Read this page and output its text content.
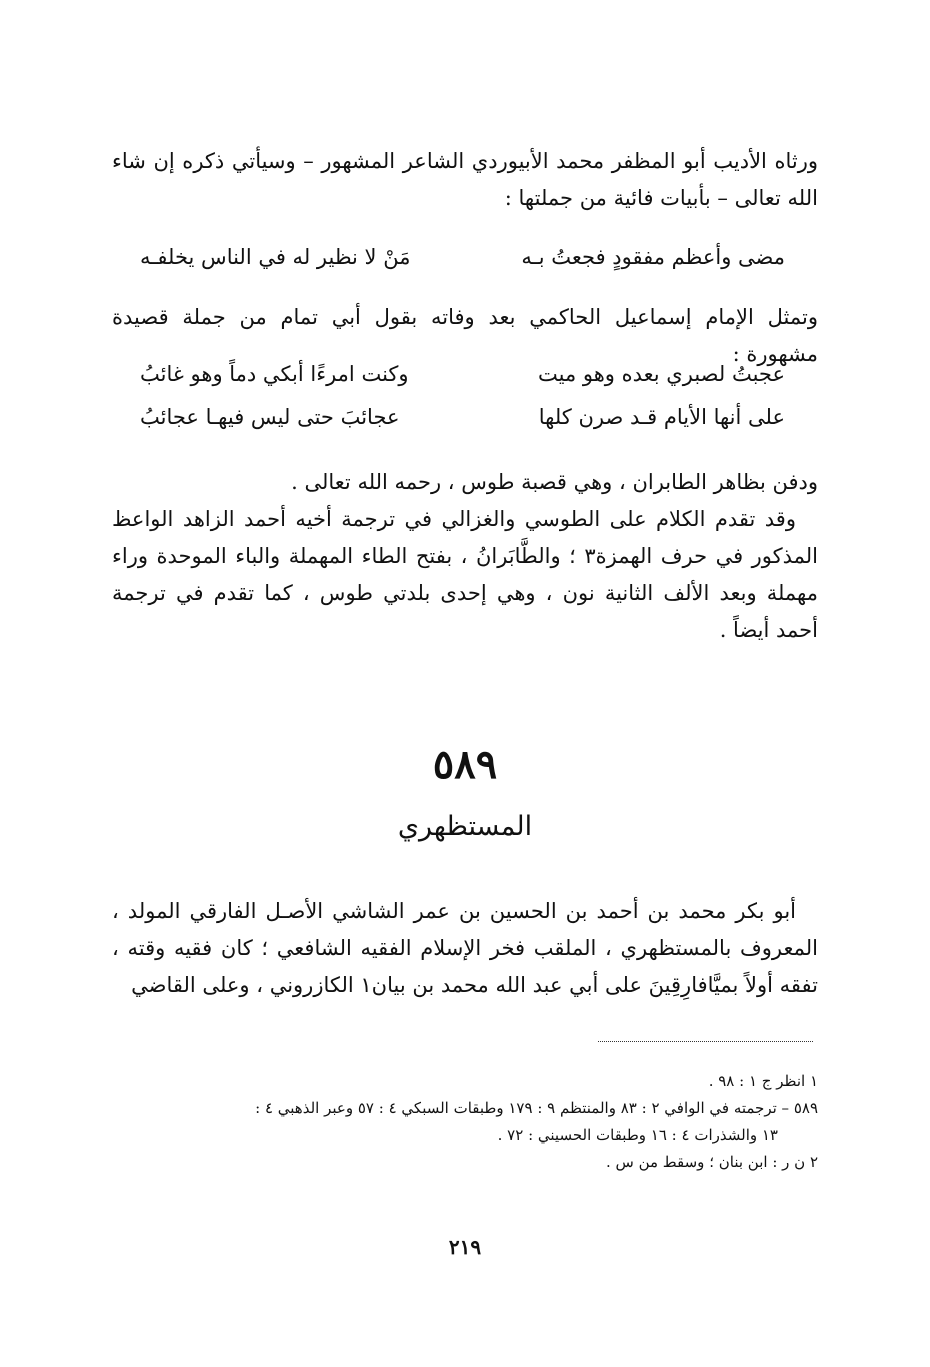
ورثاه الأديب أبو المظفر محمد الأبيوردي الشاعر المشهور – وسيأتي ذكره إن شاء الله تعالى – بأبيات فائية من جملتها :

مضى وأعظم مفقودٍ فجعتُ بـه
مَنْ لا نظير له في الناس يخلفـه

وتمثل الإمام إسماعيل الحاكمي بعد وفاته بقول أبي تمام من جملة قصيدة مشهورة :

عجبتُ لصبري بعده وهو ميت
وكنت امرءًا أبكي دماً وهو غائبُ
على أنها الأيام قـد صرن كلها
عجائبَ حتى ليس فيهـا عجائبُ

ودفن بظاهر الطابران ، وهي قصبة طوس ، رحمه الله تعالى .

وقد تقدم الكلام على الطوسي والغزالي في ترجمة أخيه أحمد الزاهد الواعظ المذكور في حرف الهمزة٣ ؛ والطَّابَرانُ ، بفتح الطاء المهملة والباء الموحدة وراء مهملة وبعد الألف الثانية نون ، وهي إحدى بلدتي طوس ، كما تقدم في ترجمة أحمد أيضاً .

٥٨٩
المستظهري

أبو بكر محمد بن أحمد بن الحسين بن عمر الشاشي الأصـل الفارقي المولد ، المعروف بالمستظهري ، الملقب فخر الإسلام الفقيه الشافعي ؛ كان فقيه وقته ، تفقه أولاً بميَّافارِقِينَ على أبي عبد الله محمد بن بيان١ الكازروني ، وعلى القاضي

١ انظر ج ١ : ٩٨ .

٥٨٩ – ترجمته في الوافي ٢ : ٨٣ والمنتظم ٩ : ١٧٩ وطبقات السبكي ٤ : ٥٧ وعبر الذهبي ٤ :

١٣ والشذرات ٤ : ١٦ وطبقات الحسيني : ٧٢ .

٢ ن ر : ابن بنان ؛ وسقط من س .

٢١٩
